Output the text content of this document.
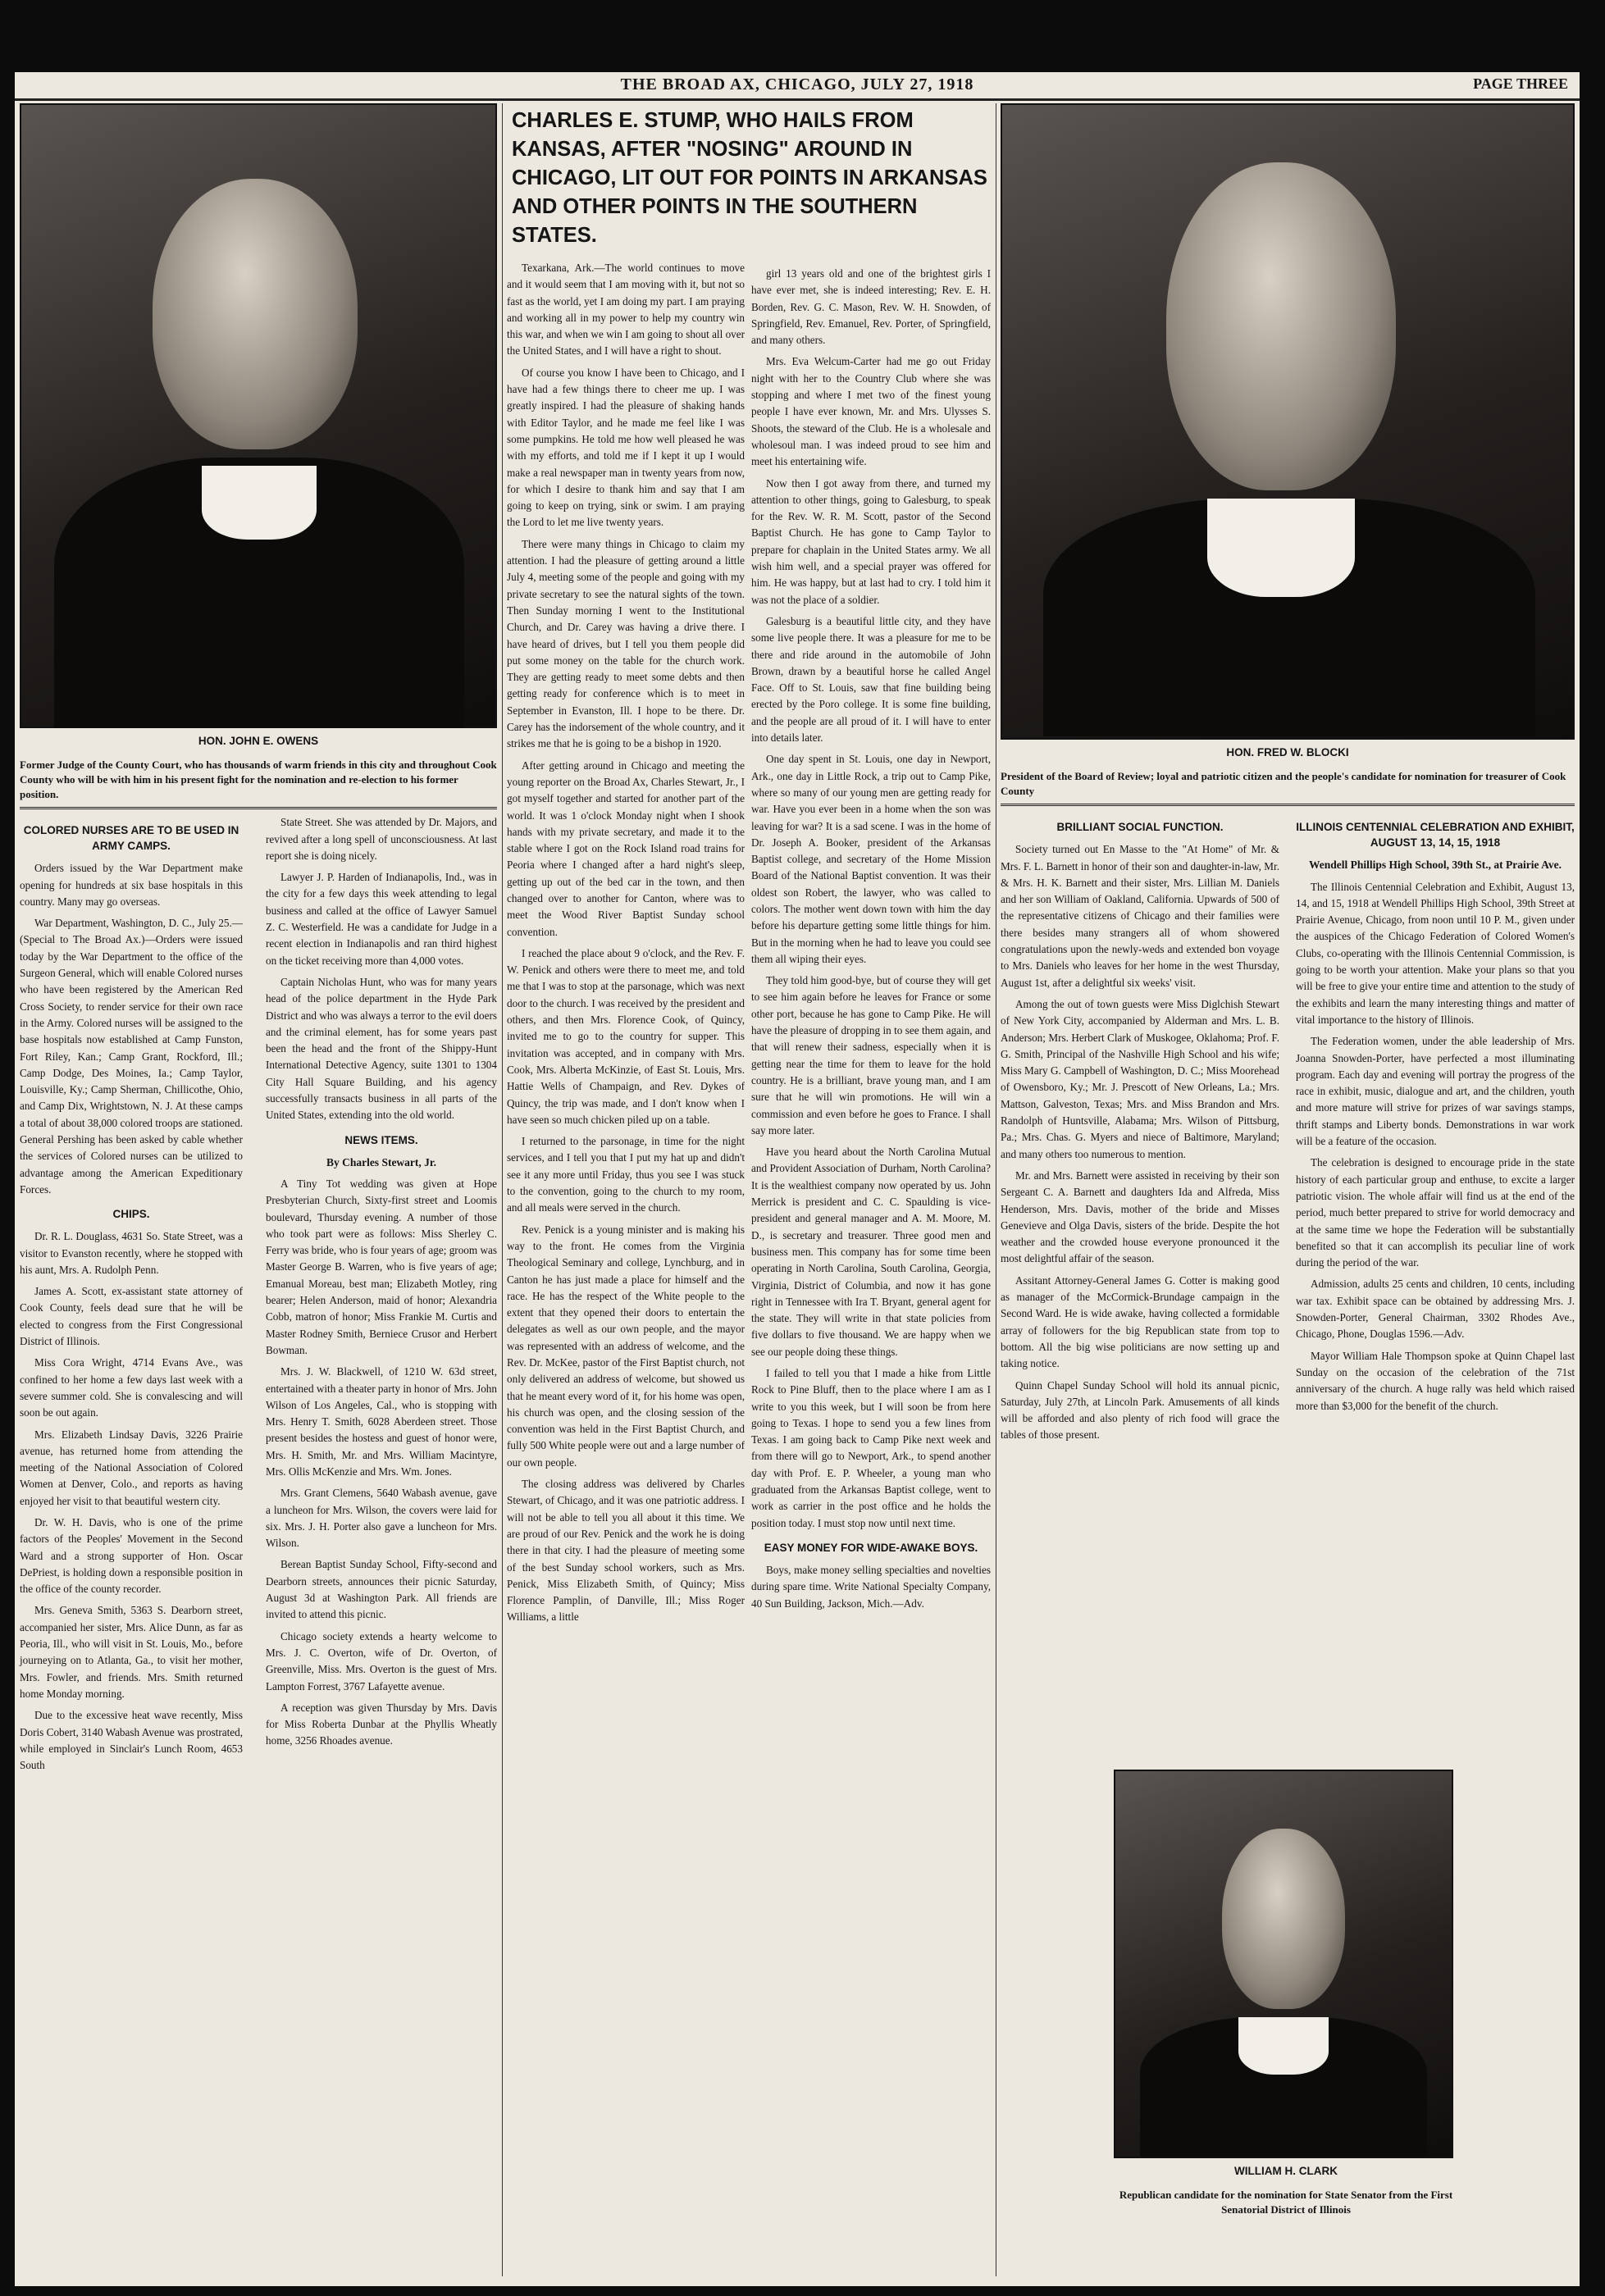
THE BROAD AX, CHICAGO, JULY 27, 1918	PAGE THREE
HON. JOHN E. OWENS
Former Judge of the County Court, who has thousands of warm friends in this city and throughout Cook County who will be with him in his present fight for the nomination and re-election to his former position.
COLORED NURSES ARE TO BE USED IN ARMY CAMPS.

Orders issued by the War Department make opening for hundreds at six base hospitals in this country. Many may go overseas.

War Department, Washington, D. C., July 25.—(Special to The Broad Ax.)—Orders were issued today by the War Department to the office of the Surgeon General, which will enable Colored nurses who have been registered by the American Red Cross Society, to render service for their own race in the Army. Colored nurses will be assigned to the base hospitals now established at Camp Funston, Fort Riley, Kan.; Camp Grant, Rockford, Ill.; Camp Dodge, Des Moines, Ia.; Camp Taylor, Louisville, Ky.; Camp Sherman, Chillicothe, Ohio, and Camp Dix, Wrightstown, N. J. At these camps a total of about 38,000 colored troops are stationed. General Pershing has been asked by cable whether the services of Colored nurses can be utilized to advantage among the American Expeditionary Forces.

CHIPS.

Dr. R. L. Douglass, 4631 So. State Street, was a visitor to Evanston recently, where he stopped with his aunt, Mrs. A. Rudolph Penn.

James A. Scott, ex-assistant state attorney of Cook County, feels dead sure that he will be elected to congress from the First Congressional District of Illinois.

Miss Cora Wright, 4714 Evans Ave., was confined to her home a few days last week with a severe summer cold. She is convalescing and will soon be out again.

Mrs. Elizabeth Lindsay Davis, 3226 Prairie avenue, has returned home from attending the meeting of the National Association of Colored Women at Denver, Colo., and reports as having enjoyed her visit to that beautiful western city.

Dr. W. H. Davis, who is one of the prime factors of the Peoples' Movement in the Second Ward and a strong supporter of Hon. Oscar DePriest, is holding down a responsible position in the office of the county recorder.

Mrs. Geneva Smith, 5363 S. Dearborn street, accompanied her sister, Mrs. Alice Dunn, as far as Peoria, Ill., who will visit in St. Louis, Mo., before journeying on to Atlanta, Ga., to visit her mother, Mrs. Fowler, and friends. Mrs. Smith returned home Monday morning.

Due to the excessive heat wave recently, Miss Doris Cobert, 3140 Wabash Avenue was prostrated, while employed in Sinclair's Lunch Room, 4653 South

State Street. She was attended by Dr. Majors, and revived after a long spell of unconsciousness. At last report she is doing nicely.

Lawyer J. P. Harden of Indianapolis, Ind., was in the city for a few days this week attending to legal business and called at the office of Lawyer Samuel Z. C. Westerfield. He was a candidate for Judge in a recent election in Indianapolis and ran third highest on the ticket receiving more than 4,000 votes.

Captain Nicholas Hunt, who was for many years head of the police department in the Hyde Park District and who was always a terror to the evil doers and the criminal element, has for some years past been the head and the front of the Shippy-Hunt International Detective Agency, suite 1301 to 1304 City Hall Square Building, and his agency successfully transacts business in all parts of the United States, extending into the old world.

NEWS ITEMS.
By Charles Stewart, Jr.

A Tiny Tot wedding was given at Hope Presbyterian Church, Sixty-first street and Loomis boulevard, Thursday evening. A number of those who took part were as follows: Miss Sherley C. Ferry was bride, who is four years of age; groom was Master George B. Warren, who is five years of age; Emanual Moreau, best man; Elizabeth Motley, ring bearer; Helen Anderson, maid of honor; Alexandria Cobb, matron of honor; Miss Frankie M. Curtis and Master Rodney Smith, Berniece Crusor and Herbert Bowman.

Mrs. J. W. Blackwell, of 1210 W. 63d street, entertained with a theater party in honor of Mrs. John Wilson of Los Angeles, Cal., who is stopping with Mrs. Henry T. Smith, 6028 Aberdeen street. Those present besides the hostess and guest of honor were, Mrs. H. Smith, Mr. and Mrs. William Macintyre, Mrs. Ollis McKenzie and Mrs. Wm. Jones.

Mrs. Grant Clemens, 5640 Wabash avenue, gave a luncheon for Mrs. Wilson, the covers were laid for six. Mrs. J. H. Porter also gave a luncheon for Mrs. Wilson.

Berean Baptist Sunday School, Fifty-second and Dearborn streets, announces their picnic Saturday, August 3d at Washington Park. All friends are invited to attend this picnic.

Chicago society extends a hearty welcome to Mrs. J. C. Overton, wife of Dr. Overton, of Greenville, Miss. Mrs. Overton is the guest of Mrs. Lampton Forrest, 3767 Lafayette avenue.

A reception was given Thursday by Mrs. Davis for Miss Roberta Dunbar at the Phyllis Wheatly home, 3256 Rhoades avenue.

CHARLES E. STUMP, WHO HAILS FROM KANSAS, AFTER "NOSING" AROUND IN CHICAGO, LIT OUT FOR POINTS IN ARKANSAS AND OTHER POINTS IN THE SOUTHERN STATES.

Texarkana, Ark.—The world continues to move and it would seem that I am moving with it, but not so fast as the world, yet I am doing my part. I am praying and working all in my power to help my country win this war, and when we win I am going to shout all over the United States, and I will have a right to shout.

Of course you know I have been to Chicago, and I have had a few things there to cheer me up. I was greatly inspired. I had the pleasure of shaking hands with Editor Taylor, and he made me feel like I was some pumpkins. He told me how well pleased he was with my efforts, and told me if I kept it up I would make a real newspaper man in twenty years from now, for which I desire to thank him and say that I am going to keep on trying, sink or swim. I am praying the Lord to let me live twenty years.

There were many things in Chicago to claim my attention. I had the pleasure of getting around a little July 4, meeting some of the people and going with my private secretary to see the natural sights of the town. Then Sunday morning I went to the Institutional Church, and Dr. Carey was having a drive there. I have heard of drives, but I tell you them people did put some money on the table for the church work. They are getting ready to meet some debts and then getting ready for conference which is to meet in September in Evanston, Ill. I hope to be there. Dr. Carey has the indorsement of the whole country, and it strikes me that he is going to be a bishop in 1920.

After getting around in Chicago and meeting the young reporter on the Broad Ax, Charles Stewart, Jr., I got myself together and started for another part of the world. It was 1 o'clock Monday night when I shook hands with my private secretary, and made it to the stable where I got on the Rock Island road trains for Peoria where I changed after a hard night's sleep, getting up out of the bed car in the town, and then changed over to another for Canton, where was to meet the Wood River Baptist Sunday school convention.

I reached the place about 9 o'clock, and the Rev. F. W. Penick and others were there to meet me, and told me that I was to stop at the parsonage, which was next door to the church. I was received by the president and others, and then Mrs. Florence Cook, of Quincy, invited me to go to the country for supper. This invitation was accepted, and in company with Mrs. Cook, Mrs. Alberta McKinzie, of East St. Louis, Mrs. Hattie Wells of Champaign, and Rev. Dykes of Quincy, the trip was made, and I don't know when I have seen so much chicken piled up on a table.

I returned to the parsonage, in time for the night services, and I tell you that I put my hat up and didn't see it any more until Friday, thus you see I was stuck to the convention, going to the church to my room, and all meals were served in the church.

Rev. Penick is a young minister and is making his way to the front. He comes from the Virginia Theological Seminary and college, Lynchburg, and in Canton he has just made a place for himself and the race. He has the respect of the White people to the extent that they opened their doors to entertain the delegates as well as our own people, and the mayor was represented with an address of welcome, and the Rev. Dr. McKee, pastor of the First Baptist church, not only delivered an address of welcome, but showed us that he meant every word of it, for his home was open, his church was open, and the closing session of the convention was held in the First Baptist Church, and fully 500 White people were out and a large number of our own people.

The closing address was delivered by Charles Stewart, of Chicago, and it was one patriotic address. I will not be able to tell you all about it this time. We are proud of our Rev. Penick and the work he is doing there in that city. I had the pleasure of meeting some of the best Sunday school workers, such as Mrs. Penick, Miss Elizabeth Smith, of Quincy; Miss Florence Pamplin, of Danville, Ill.; Miss Roger Williams, a little

girl 13 years old and one of the brightest girls I have ever met, she is indeed interesting; Rev. E. H. Borden, Rev. G. C. Mason, Rev. W. H. Snowden, of Springfield, Rev. Emanuel, Rev. Porter, of Springfield, and many others.

Mrs. Eva Welcum-Carter had me go out Friday night with her to the Country Club where she was stopping and where I met two of the finest young people I have ever known, Mr. and Mrs. Ulysses S. Shoots, the steward of the Club. He is a wholesale and wholesoul man. I was indeed proud to see him and meet his entertaining wife.

Now then I got away from there, and turned my attention to other things, going to Galesburg, to speak for the Rev. W. R. M. Scott, pastor of the Second Baptist Church. He has gone to Camp Taylor to prepare for chaplain in the United States army. We all wish him well, and a special prayer was offered for him. He was happy, but at last had to cry. I told him it was not the place of a soldier.

Galesburg is a beautiful little city, and they have some live people there. It was a pleasure for me to be there and ride around in the automobile of John Brown, drawn by a beautiful horse he called Angel Face. Off to St. Louis, saw that fine building being erected by the Poro college. It is some fine building, and the people are all proud of it. I will have to enter into details later.

One day spent in St. Louis, one day in Newport, Ark., one day in Little Rock, a trip out to Camp Pike, where so many of our young men are getting ready for war. Have you ever been in a home when the son was leaving for war? It is a sad scene. I was in the home of Dr. Joseph A. Booker, president of the Arkansas Baptist college, and secretary of the Home Mission Board of the National Baptist convention. It was their oldest son Robert, the lawyer, who was called to colors. The mother went down town with him the day before his departure getting some little things for him. But in the morning when he had to leave you could see them all wiping their eyes.

They told him good-bye, but of course they will get to see him again before he leaves for France or some other port, because he has gone to Camp Pike. He will have the pleasure of dropping in to see them again, and that will renew their sadness, especially when it is getting near the time for them to leave for the hold country. He is a brilliant, brave young man, and I am sure that he will win promotions. He will win a commission and even before he goes to France. I shall say more later.

Have you heard about the North Carolina Mutual and Provident Association of Durham, North Carolina? It is the wealthiest company now operated by us. John Merrick is president and C. C. Spaulding is vice-president and general manager and A. M. Moore, M. D., is secretary and treasurer. Three good men and business men. This company has for some time been operating in North Carolina, South Carolina, Georgia, Virginia, District of Columbia, and now it has gone right in Tennessee with Ira T. Bryant, general agent for the state. They will write in that state policies from five dollars to five thousand. We are happy when we see our people doing these things.

I failed to tell you that I made a hike from Little Rock to Pine Bluff, then to the place where I am as I write to you this week, but I will soon be from here going to Texas. I hope to send you a few lines from Texas. I am going back to Camp Pike next week and from there will go to Newport, Ark., to spend another day with Prof. E. P. Wheeler, a young man who graduated from the Arkansas Baptist college, went to work as carrier in the post office and he holds the position today. I must stop now until next time.

EASY MONEY FOR WIDE-AWAKE BOYS.

Boys, make money selling specialties and novelties during spare time. Write National Specialty Company, 40 Sun Building, Jackson, Mich.—Adv.

HON. FRED W. BLOCKI
President of the Board of Review; loyal and patriotic citizen and the people's candidate for nomination for treasurer of Cook County
BRILLIANT SOCIAL FUNCTION.

Society turned out En Masse to the "At Home" of Mr. & Mrs. F. L. Barnett in honor of their son and daughter-in-law, Mr. & Mrs. H. K. Barnett and their sister, Mrs. Lillian M. Daniels and her son William of Oakland, California. Upwards of 500 of the representative citizens of Chicago and their families were there besides many strangers all of whom showered congratulations upon the newly-weds and extended bon voyage to Mrs. Daniels who leaves for her home in the west Thursday, August 1st, after a delightful six weeks' visit.

Among the out of town guests were Miss Diglchish Stewart of New York City, accompanied by Alderman and Mrs. L. B. Anderson; Mrs. Herbert Clark of Muskogee, Oklahoma; Prof. F. G. Smith, Principal of the Nashville High School and his wife; Miss Mary G. Campbell of Washington, D. C.; Miss Moorehead of Owensboro, Ky.; Mr. J. Prescott of New Orleans, La.; Mrs. Mattson, Galveston, Texas; Mrs. and Miss Brandon and Mrs. Randolph of Huntsville, Alabama; Mrs. Wilson of Pittsburg, Pa.; Mrs. Chas. G. Myers and niece of Baltimore, Maryland; and many others too numerous to mention.

Mr. and Mrs. Barnett were assisted in receiving by their son Sergeant C. A. Barnett and daughters Ida and Alfreda, Miss Henderson, Mrs. Davis, mother of the bride and Misses Genevieve and Olga Davis, sisters of the bride. Despite the hot weather and the crowded house everyone pronounced it the most delightful affair of the season.

Assitant Attorney-General James G. Cotter is making good as manager of the McCormick-Brundage campaign in the Second Ward. He is wide awake, having collected a formidable array of followers for the big Republican state from top to bottom. All the big wise politicians are now setting up and taking notice.

Quinn Chapel Sunday School will hold its annual picnic, Saturday, July 27th, at Lincoln Park. Amusements of all kinds will be afforded and also plenty of rich food will grace the tables of those present.

ILLINOIS CENTENNIAL CELEBRATION AND EXHIBIT, AUGUST 13, 14, 15, 1918
Wendell Phillips High School, 39th St., at Prairie Ave.

The Illinois Centennial Celebration and Exhibit, August 13, 14, and 15, 1918 at Wendell Phillips High School, 39th Street at Prairie Avenue, Chicago, from noon until 10 P. M., given under the auspices of the Chicago Federation of Colored Women's Clubs, co-operating with the Illinois Centennial Commission, is going to be worth your attention. Make your plans so that you will be free to give your entire time and attention to the study of the exhibits and learn the many interesting things and matter of vital importance to the history of Illinois.

The Federation women, under the able leadership of Mrs. Joanna Snowden-Porter, have perfected a most illuminating program. Each day and evening will portray the progress of the race in exhibit, music, dialogue and art, and the children, youth and more mature will strive for prizes of war savings stamps, thrift stamps and Liberty bonds. Demonstrations in war work will be a feature of the occasion.

The celebration is designed to encourage pride in the state history of each particular group and enthuse, to excite a larger patriotic vision. The whole affair will find us at the end of the period, much better prepared to strive for world democracy and at the same time we hope the Federation will be substantially benefited so that it can accomplish its peculiar line of work during the period of the war.

Admission, adults 25 cents and children, 10 cents, including war tax. Exhibit space can be obtained by addressing Mrs. J. Snowden-Porter, General Chairman, 3302 Rhodes Ave., Chicago, Phone, Douglas 1596.—Adv.

Mayor William Hale Thompson spoke at Quinn Chapel last Sunday on the occasion of the celebration of the 71st anniversary of the church. A huge rally was held which raised more than $3,000 for the benefit of the church.

WILLIAM H. CLARK
Republican candidate for the nomination for State Senator from the First Senatorial District of Illinois
